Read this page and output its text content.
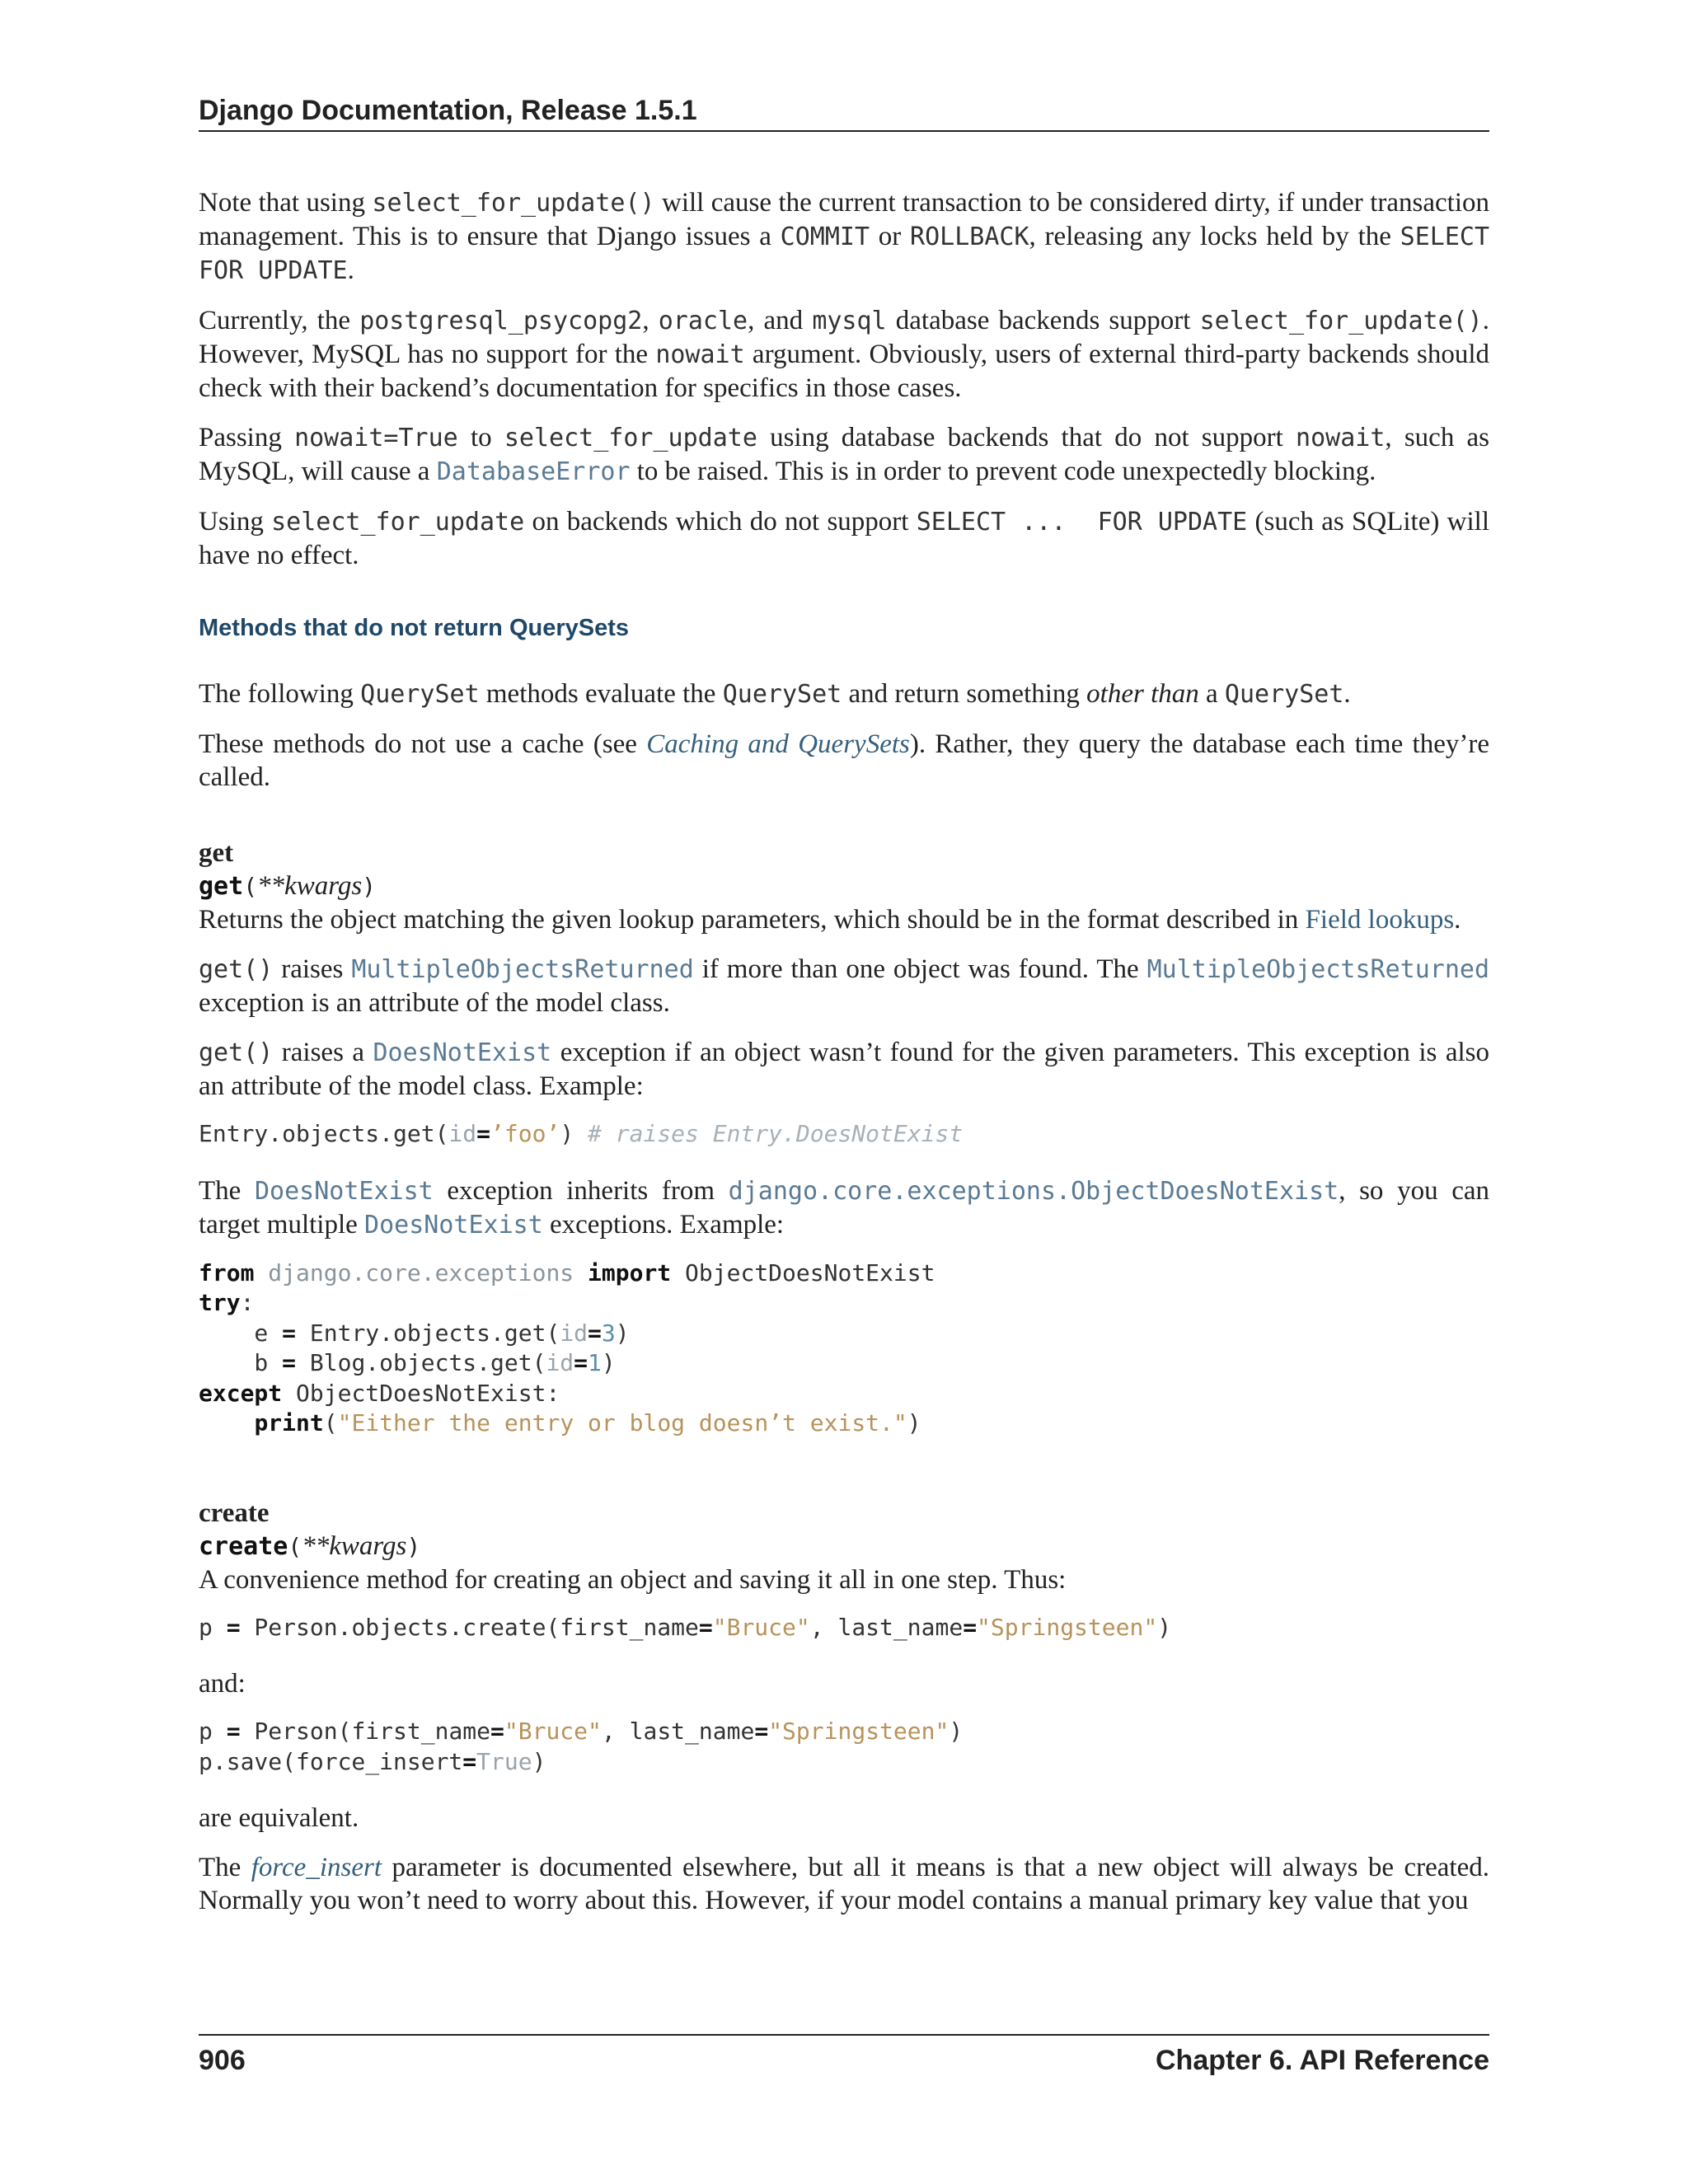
Django Documentation, Release 1.5.1

Note that using select_for_update() will cause the current transaction to be considered dirty, if under transaction management. This is to ensure that Django issues a COMMIT or ROLLBACK, releasing any locks held by the SELECT FOR UPDATE.

Currently, the postgresql_psycopg2, oracle, and mysql database backends support select_for_update(). However, MySQL has no support for the nowait argument. Obviously, users of external third-party backends should check with their backend’s documentation for specifics in those cases.

Passing nowait=True to select_for_update using database backends that do not support nowait, such as MySQL, will cause a DatabaseError to be raised. This is in order to prevent code unexpectedly blocking.

Using select_for_update on backends which do not support SELECT ...  FOR UPDATE (such as SQLite) will have no effect.

Methods that do not return QuerySets

The following QuerySet methods evaluate the QuerySet and return something other than a QuerySet.

These methods do not use a cache (see Caching and QuerySets). Rather, they query the database each time they’re called.

get
get(**kwargs)

Returns the object matching the given lookup parameters, which should be in the format described in Field lookups.

get() raises MultipleObjectsReturned if more than one object was found. The MultipleObjectsReturned exception is an attribute of the model class.

get() raises a DoesNotExist exception if an object wasn’t found for the given parameters. This exception is also an attribute of the model class. Example:

Entry.objects.get(id=’foo’) # raises Entry.DoesNotExist

The DoesNotExist exception inherits from django.core.exceptions.ObjectDoesNotExist, so you can target multiple DoesNotExist exceptions. Example:

from django.core.exceptions import ObjectDoesNotExist
try:
e = Entry.objects.get(id=3)
b = Blog.objects.get(id=1)
except ObjectDoesNotExist:
print("Either the entry or blog doesn’t exist.")
create
create(**kwargs)

A convenience method for creating an object and saving it all in one step. Thus:

p = Person.objects.create(first_name="Bruce", last_name="Springsteen")

and:

p = Person(first_name="Bruce", last_name="Springsteen")
p.save(force_insert=True)

are equivalent.

The force_insert parameter is documented elsewhere, but all it means is that a new object will always be created. Normally you won’t need to worry about this. However, if your model contains a manual primary key value that you

906	Chapter 6. API Reference
